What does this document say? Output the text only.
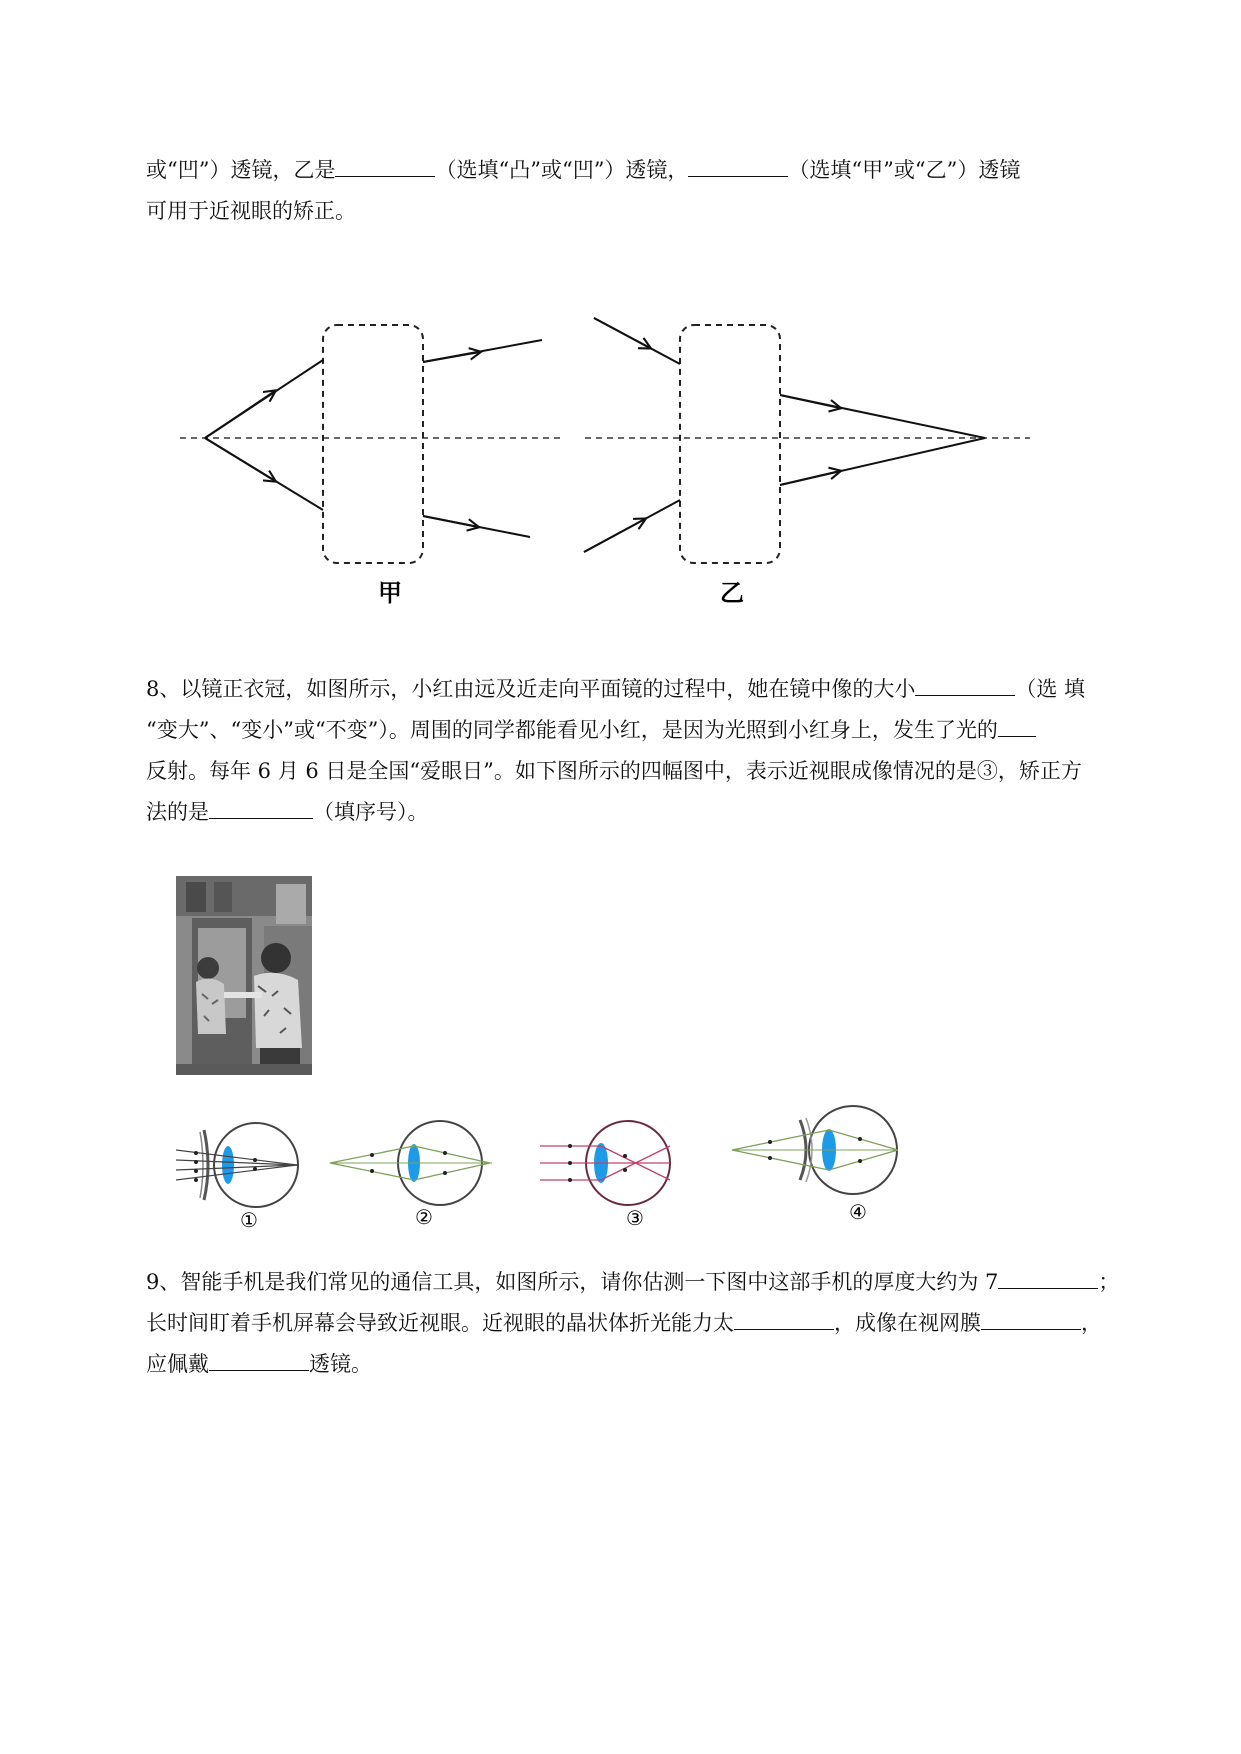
或“凹”）透镜，乙是	（选填“凸”或“凹”）透镜，	（选填“甲”或“乙”）透镜
可用于近视眼的矫正。
甲	乙
8、以镜正衣冠，如图所示，小红由远及近走向平面镜的过程中，她在镜中像的大小	（选 填
“变大”、“变小”或“不变”）。周围的同学都能看见小红，是因为光照到小红身上，发生了光的
反射。每年 6 月 6 日是全国“爱眼日”。如下图所示的四幅图中，表示近视眼成像情况的是③，矫正方
法的是	（填序号）。
①	②	③	④
9、智能手机是我们常见的通信工具，如图所示，请你估测一下图中这部手机的厚度大约为 7	；
长时间盯着手机屏幕会导致近视眼。近视眼的晶状体折光能力太	，成像在视网膜	，
应佩戴	透镜。
